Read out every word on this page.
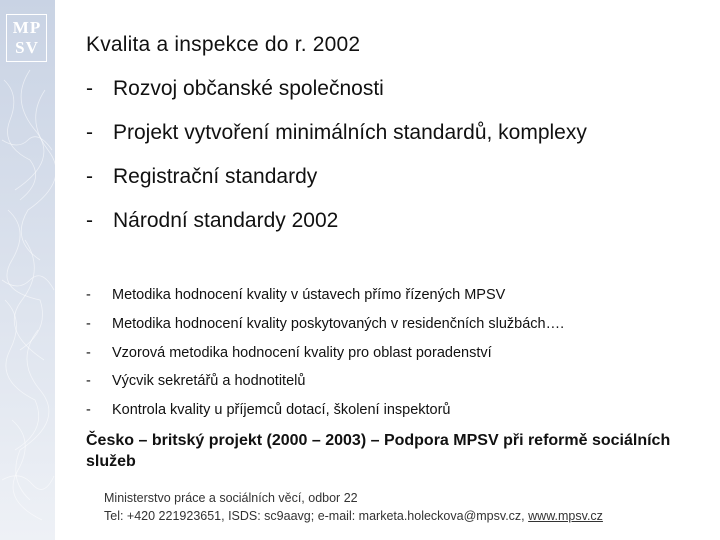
M P
S V Kvalita a inspekce do r. 2002
- Rozvoj občanské společnosti
- Projekt vytvoření minimálních standardů, komplexy
- Registrační standardy
- Národní standardy 2002
-	Metodika hodnocení kvality v ústavech přímo řízených MPSV
-	Metodika hodnocení kvality poskytovaných v residenčních službách….
-	Vzorová metodika hodnocení kvality pro oblast poradenství
-	Výcvik sekretářů a hodnotitelů
-	Kontrola kvality u příjemců dotací, školení inspektorů
Česko – britský projekt (2000 – 2003) – Podpora MPSV při reformě sociálních služeb
Ministerstvo práce a sociálních věcí, odbor 22
Tel: +420 221923651, ISDS: sc9aavg; e-mail: marketa.holeckova@mpsv.cz, www.mpsv.cz
